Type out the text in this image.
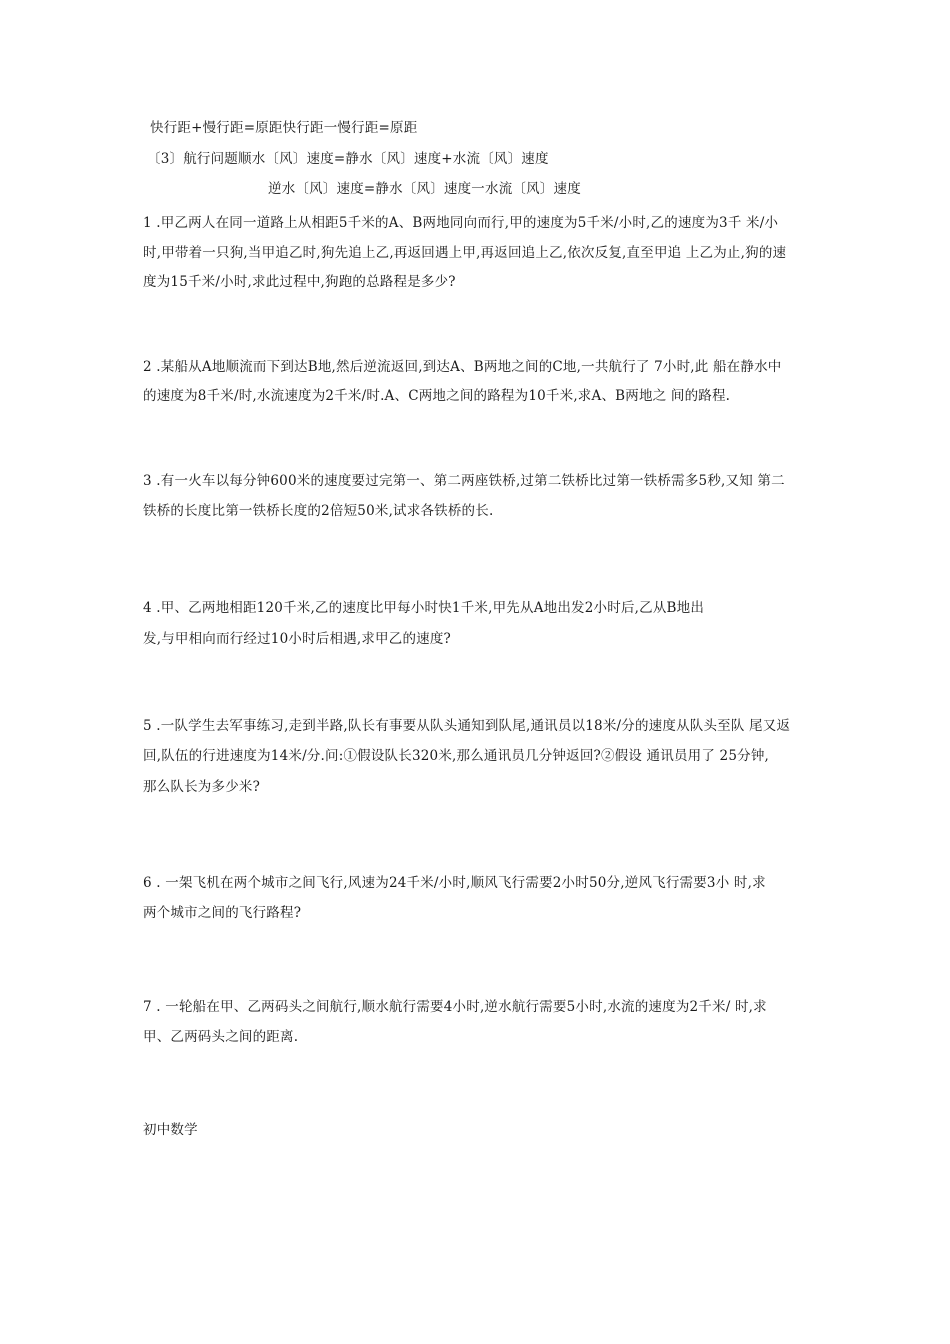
快行距+慢行距=原距快行距一慢行距=原距
〔3〕航行问题顺水〔风〕速度=静水〔风〕速度+水流〔风〕速度
逆水〔风〕速度=静水〔风〕速度一水流〔风〕速度
1 .甲乙两人在同一道路上从相距5千米的A、B两地同向而行,甲的速度为5千米/小时,乙的速度为3千 米/小
时,甲带着一只狗,当甲追乙时,狗先追上乙,再返回遇上甲,再返回追上乙,依次反复,直至甲追 上乙为止,狗的速
度为15千米/小时,求此过程中,狗跑的总路程是多少?
2 .某船从A地顺流而下到达B地,然后逆流返回,到达A、B两地之间的C地,一共航行了 7小时,此 船在静水中
的速度为8千米/时,水流速度为2千米/时.A、C两地之间的路程为10千米,求A、B两地之 间的路程.
3 .有一火车以每分钟600米的速度要过完第一、第二两座铁桥,过第二铁桥比过第一铁桥需多5秒,又知 第二
铁桥的长度比第一铁桥长度的2倍短50米,试求各铁桥的长.
4 .甲、乙两地相距120千米,乙的速度比甲每小时快1千米,甲先从A地出发2小时后,乙从B地出
发,与甲相向而行经过10小时后相遇,求甲乙的速度?
5 .一队学生去军事练习,走到半路,队长有事要从队头通知到队尾,通讯员以18米/分的速度从队头至队 尾又返
回,队伍的行进速度为14米/分.问:①假设队长320米,那么通讯员几分钟返回?②假设 通讯员用了 25分钟,
那么队长为多少米?
6 . 一架飞机在两个城市之间飞行,风速为24千米/小时,顺风飞行需要2小时50分,逆风飞行需要3小 时,求
两个城市之间的飞行路程?
7 . 一轮船在甲、乙两码头之间航行,顺水航行需要4小时,逆水航行需要5小时,水流的速度为2千米/ 时,求
甲、乙两码头之间的距离.
初中数学
